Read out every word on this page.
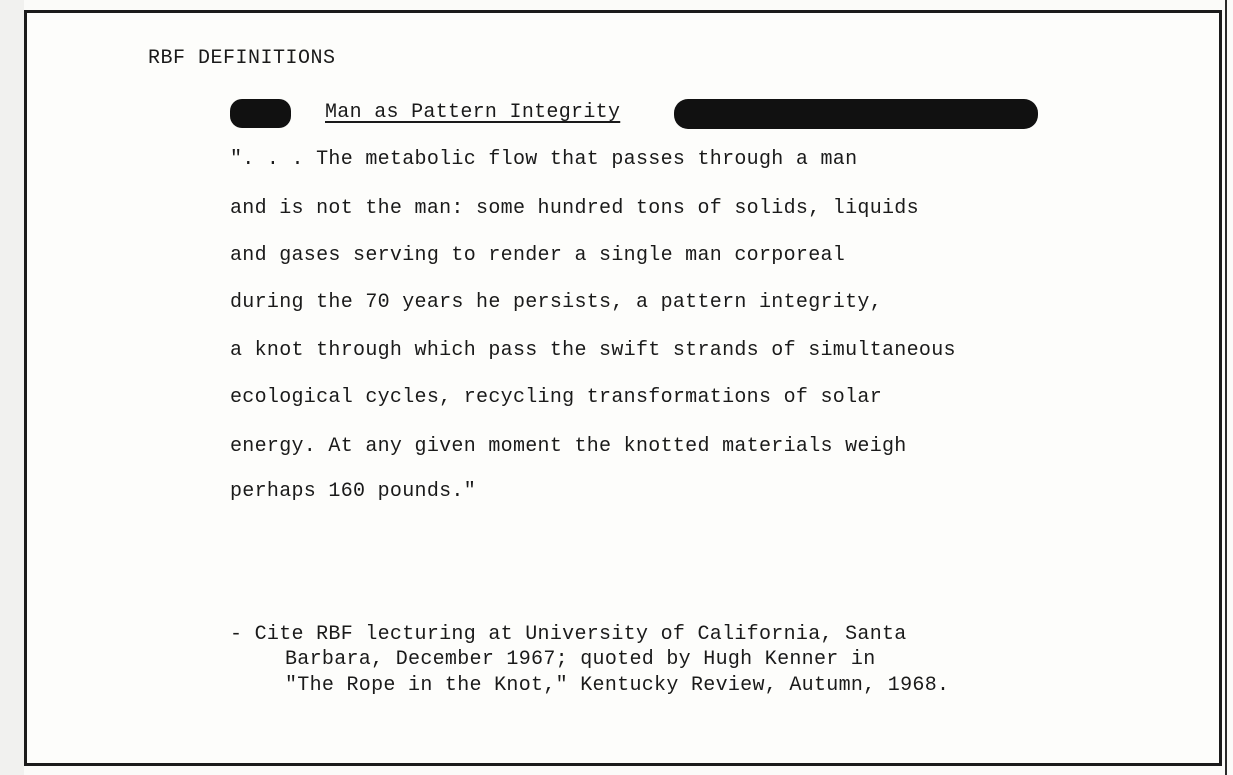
RBF DEFINITIONS
Man as Pattern Integrity
". . . The metabolic flow that passes through a man
and is not the man: some hundred tons of solids, liquids
and gases serving to render a single man corporeal
during the 70 years he persists, a pattern integrity,
a knot through which pass the swift strands of simultaneous
ecological cycles, recycling transformations of solar
energy. At any given moment the knotted materials weigh
perhaps 160 pounds."
- Cite RBF lecturing at University of California, Santa
Barbara, December 1967; quoted by Hugh Kenner in
"The Rope in the Knot," Kentucky Review, Autumn, 1968.
